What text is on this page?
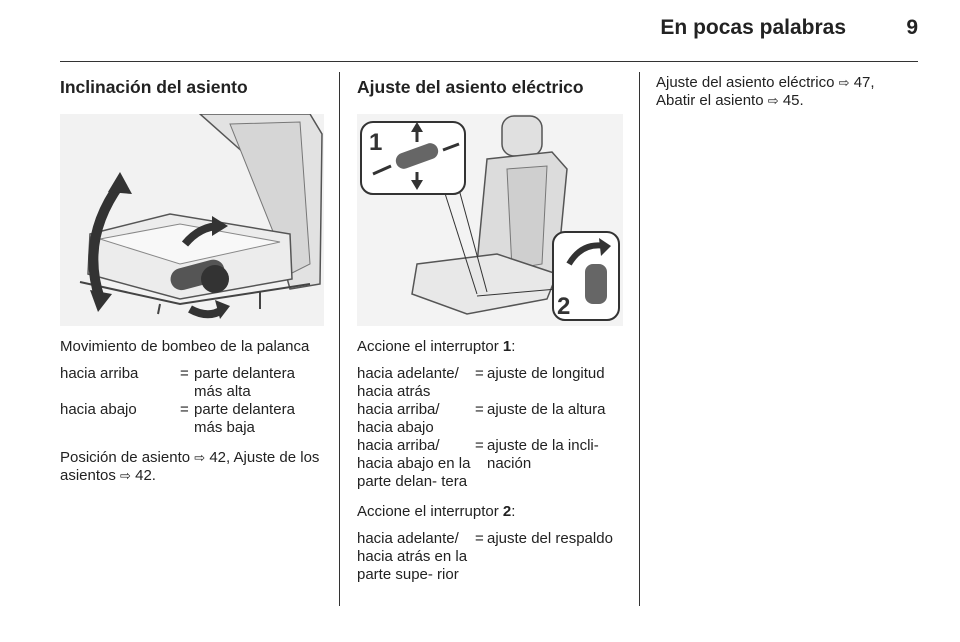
En pocas palabras	9
Inclinación del asiento
Movimiento de bombeo de la palanca
hacia arriba	= parte delantera más alta
hacia abajo	= parte delantera más baja
Posición de asiento ⇨ 42, Ajuste de los asientos ⇨ 42.
Ajuste del asiento eléctrico
1
2
Accione el interruptor 1:
hacia adelante/ hacia atrás
= ajuste de longitud
hacia arriba/ hacia abajo
= ajuste de la altura
hacia arriba/ hacia abajo en la parte delan- tera
= ajuste de la incli- nación
Accione el interruptor 2:
hacia adelante/ hacia atrás en la parte supe- rior
= ajuste del respaldo
Ajuste del asiento eléctrico ⇨ 47,
Abatir el asiento ⇨ 45.
